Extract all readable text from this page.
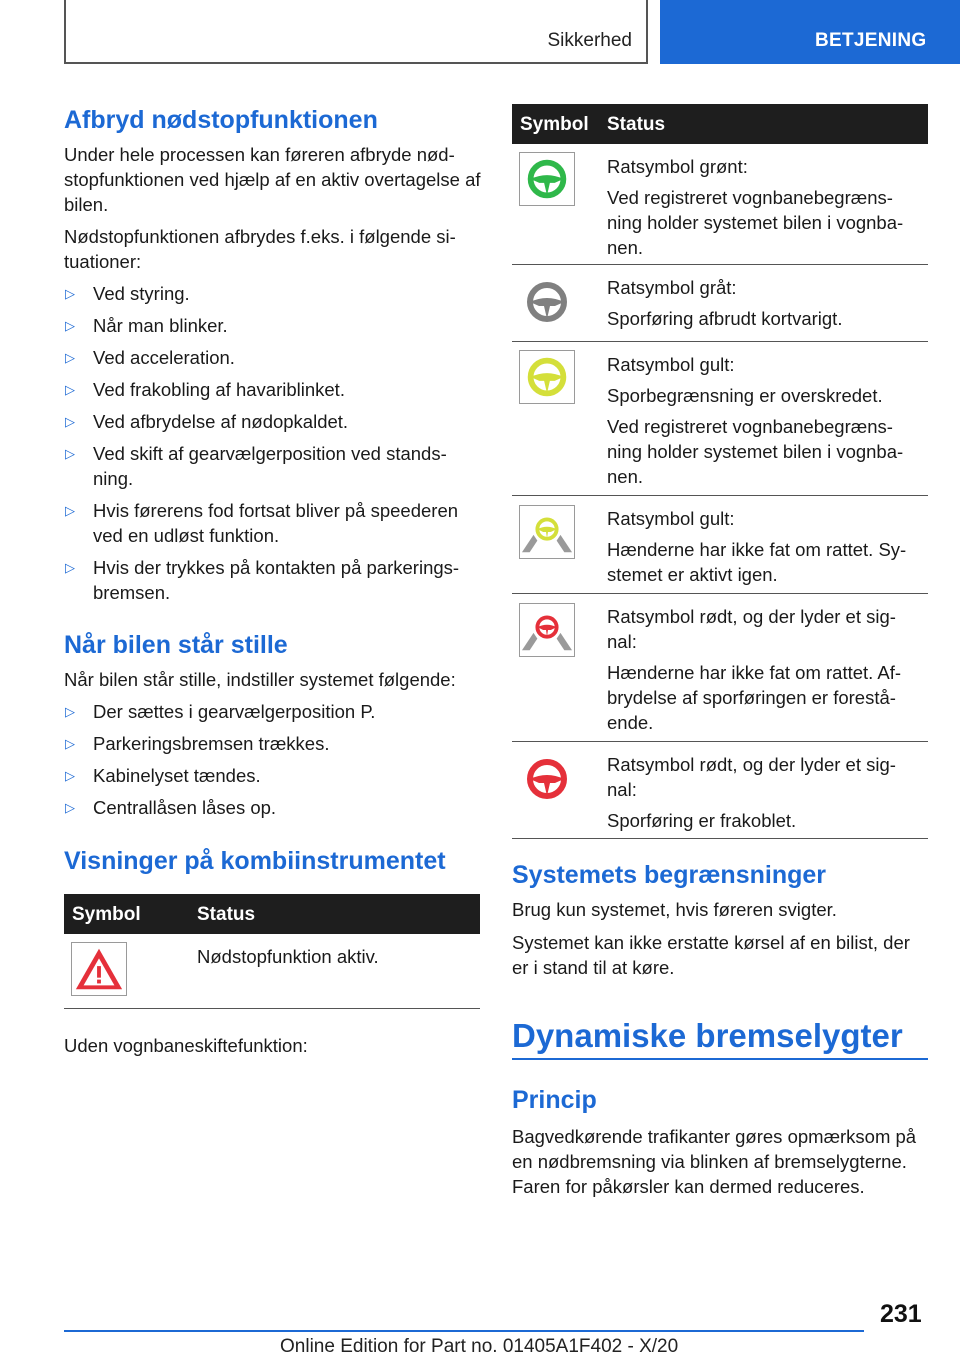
Sikkerhed	BETJENING
Afbryd nødstopfunktionen

Under hele processen kan føreren afbryde nød-stopfunktionen ved hjælp af en aktiv overtagelse af bilen.

Nødstopfunktionen afbrydes f.eks. i følgende si-tuationer:

▷ Ved styring.
▷ Når man blinker.
▷ Ved acceleration.
▷ Ved frakobling af havariblinket.
▷ Ved afbrydelse af nødopkaldet.
▷ Ved skift af gearvælgerposition ved stands-ning.
▷ Hvis førerens fod fortsat bliver på speederen ved en udløst funktion.
▷ Hvis der trykkes på kontakten på parkerings-bremsen.
Når bilen står stille

Når bilen står stille, indstiller systemet følgende:

▷ Der sættes i gearvælgerposition P.
▷ Parkeringsbremsen trækkes.
▷ Kabinelyset tændes.
▷ Centrallåsen låses op.
Visninger på kombiinstrumentet
Symbol	Status

Nødstopfunktion aktiv.

Uden vognbaneskiftefunktion:

Symbol Status

Ratsymbol grønt:

Ved registreret vognbanebegræns-ning holder systemet bilen i vognba-nen.

Ratsymbol gråt:

Sporføring afbrudt kortvarigt.

Ratsymbol gult:

Sporbegrænsning er overskredet.

Ved registreret vognbanebegræns-ning holder systemet bilen i vognba-nen.

Ratsymbol gult:

Hænderne har ikke fat om rattet. Sy-stemet er aktivt igen.

Ratsymbol rødt, og der lyder et sig-nal:

Hænderne har ikke fat om rattet. Af-brydelse af sporføringen er forestå-ende.

Ratsymbol rødt, og der lyder et sig-nal:

Sporføring er frakoblet.

Systemets begrænsninger

Brug kun systemet, hvis føreren svigter.

Systemet kan ikke erstatte kørsel af en bilist, der er i stand til at køre.

Dynamiske bremselygter
Princip

Bagvedkørende trafikanter gøres opmærksom på en nødbremsning via blinken af bremselygterne. Faren for påkørsler kan dermed reduceres.

231
Online Edition for Part no. 01405A1F402 - X/20
